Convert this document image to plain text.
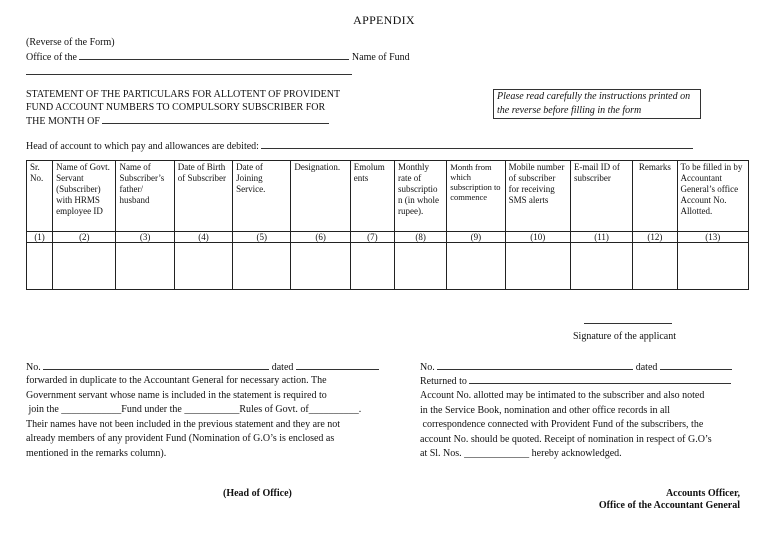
APPENDIX
(Reverse of the Form)
Office of the	Name of Fund
STATEMENT OF THE PARTICULARS FOR ALLOTENT OF PROVIDENT
FUND ACCOUNT NUMBERS TO COMPULSORY SUBSCRIBER FOR
THE MONTH OF
Please read carefully the instructions printed on the reverse before filling in the form
Head of account to which pay and allowances are debited:
Sr. No.	Name of Govt. Servant (Subscriber) with HRMS employee ID	Name of Subscriber’s father/ husband	Date of Birth of Subscriber	Date of Joining Service.	Designation.	Emolum ents	Monthly rate of subscriptio n (in whole rupee).	Month from which subscription to commence	Mobile number of subscriber for receiving SMS alerts	E-mail ID of subscriber	Remarks	To be filled in by Accountant General’s office Account No. Allotted.
(1)	(2)	(3)	(4)	(5)	(6)	(7)	(8)	(9)	(10)	(11)	(12)	(13)

Signature of the applicant
No.	dated
forwarded in duplicate to the Accountant General for necessary action. The
Government servant whose name is included in the statement is required to
join the ____________Fund under the ___________Rules of Govt. of__________.
Their names have not been included in the previous statement and they are not
already members of any provident Fund (Nomination of G.O’s is enclosed as
mentioned in the remarks column).
(Head of Office)
No.	dated
Returned to
Account No. allotted may be intimated to the subscriber and also noted
in the Service Book, nomination and other office records in all
correspondence connected with Provident Fund of the subscribers, the
account No. should be quoted. Receipt of nomination in respect of G.O’s
at Sl. Nos. _____________ hereby acknowledged.
Accounts Officer,
Office of the Accountant General
